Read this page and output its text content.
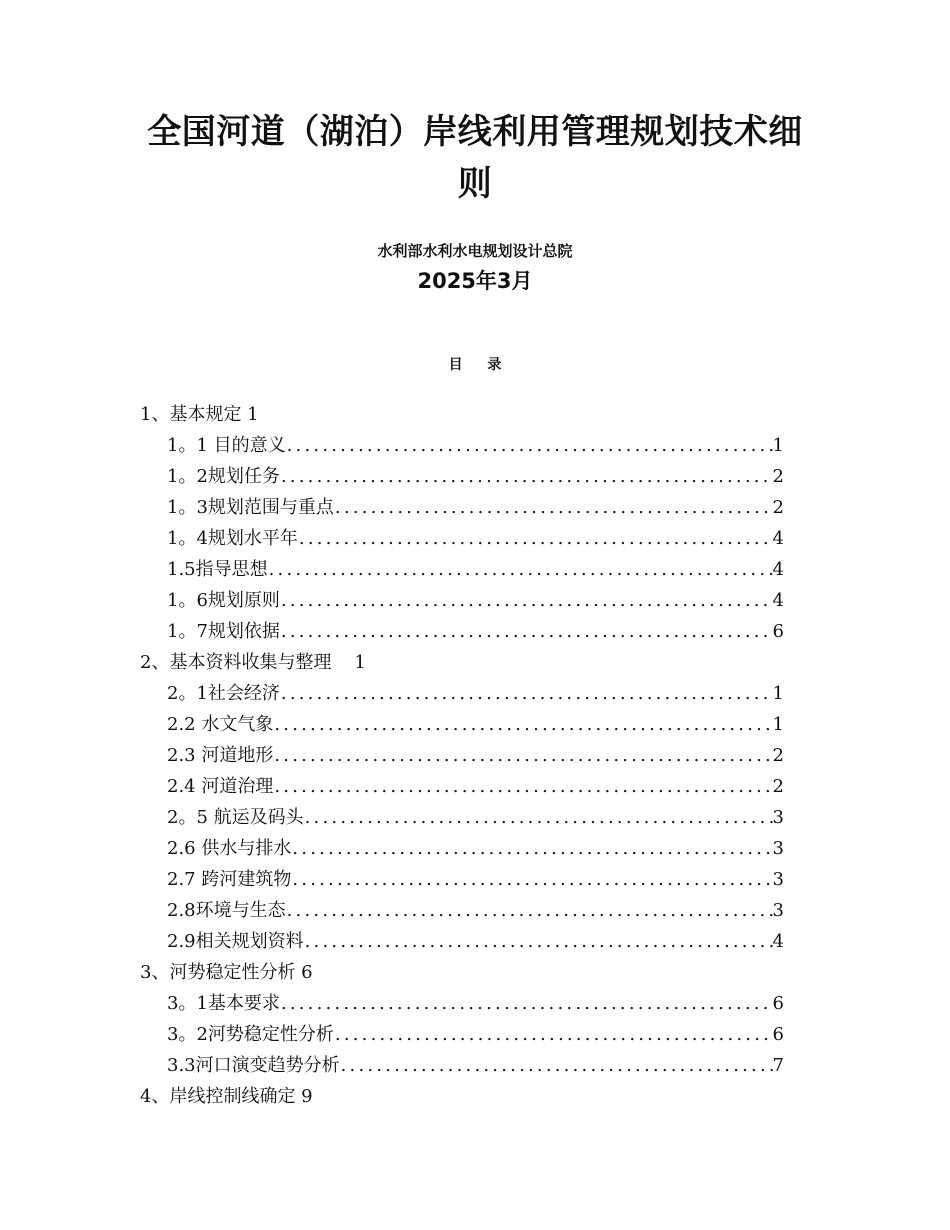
全国河道（湖泊）岸线利用管理规划技术细
则
水利部水利水电规划设计总院
2025年3月
目 录
1、基本规定 1
1。1 目的意义 .....	1
1。2规划任务 .....	2
1。3规划范围与重点 .....	2
1。4规划水平年 .....	4
1.5指导思想 .....	4
1。6规划原则 .....	4
1。7规划依据 .....	6
2、基本资料收集与整理    1
2。1社会经济 .....	1
2.2 水文气象 .....	1
2.3 河道地形 .....	2
2.4 河道治理 .....	2
2。5 航运及码头 .....	3
2.6 供水与排水 .....	3
2.7 跨河建筑物 .....	3
2.8环境与生态 .....	3
2.9相关规划资料 .....	4
3、河势稳定性分析 6
3。1基本要求 .....	6
3。2河势稳定性分析 .....	6
3.3河口演变趋势分析 .....	7
4、岸线控制线确定 9
